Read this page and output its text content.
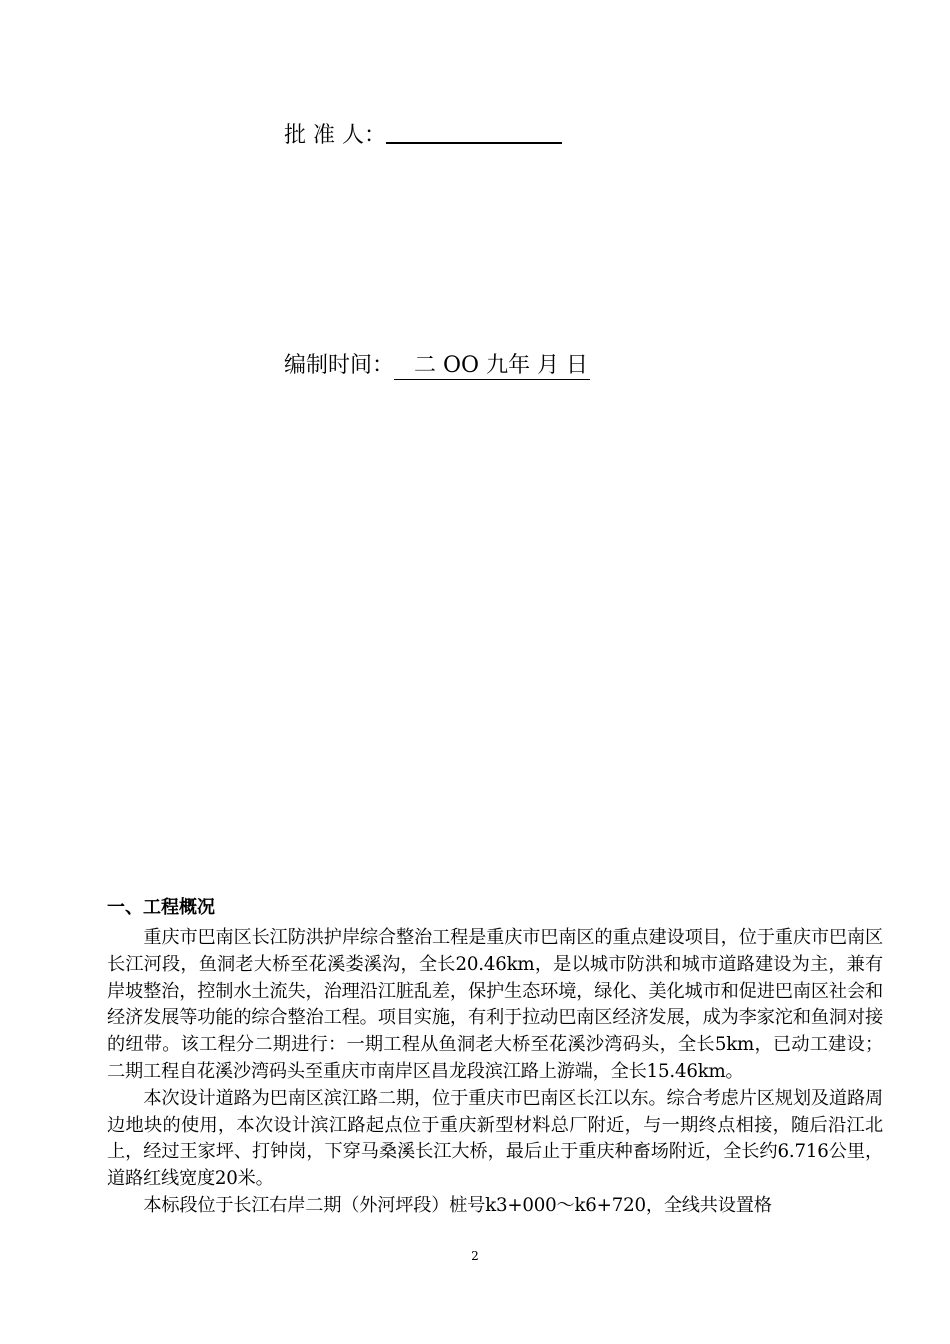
批 准 人：
编制时间： 二 OO 九年 月 日
一、工程概况

重庆市巴南区长江防洪护岸综合整治工程是重庆市巴南区的重点建设项目，位于重庆市巴南区长江河段，鱼洞老大桥至花溪娄溪沟，全长20.46km，是以城市防洪和城市道路建设为主，兼有岸坡整治，控制水土流失，治理沿江脏乱差，保护生态环境，绿化、美化城市和促进巴南区社会和经济发展等功能的综合整治工程。项目实施，有利于拉动巴南区经济发展，成为李家沱和鱼洞对接的纽带。该工程分二期进行：一期工程从鱼洞老大桥至花溪沙湾码头，全长5km，已动工建设；二期工程自花溪沙湾码头至重庆市南岸区昌龙段滨江路上游端，全长15.46km。

本次设计道路为巴南区滨江路二期，位于重庆市巴南区长江以东。综合考虑片区规划及道路周边地块的使用，本次设计滨江路起点位于重庆新型材料总厂附近，与一期终点相接，随后沿江北上，经过王家坪、打钟岗，下穿马桑溪长江大桥，最后止于重庆种畜场附近，全长约6.716公里，道路红线宽度20米。

本标段位于长江右岸二期（外河坪段）桩号k3+000～k6+720，全线共设置格

2
